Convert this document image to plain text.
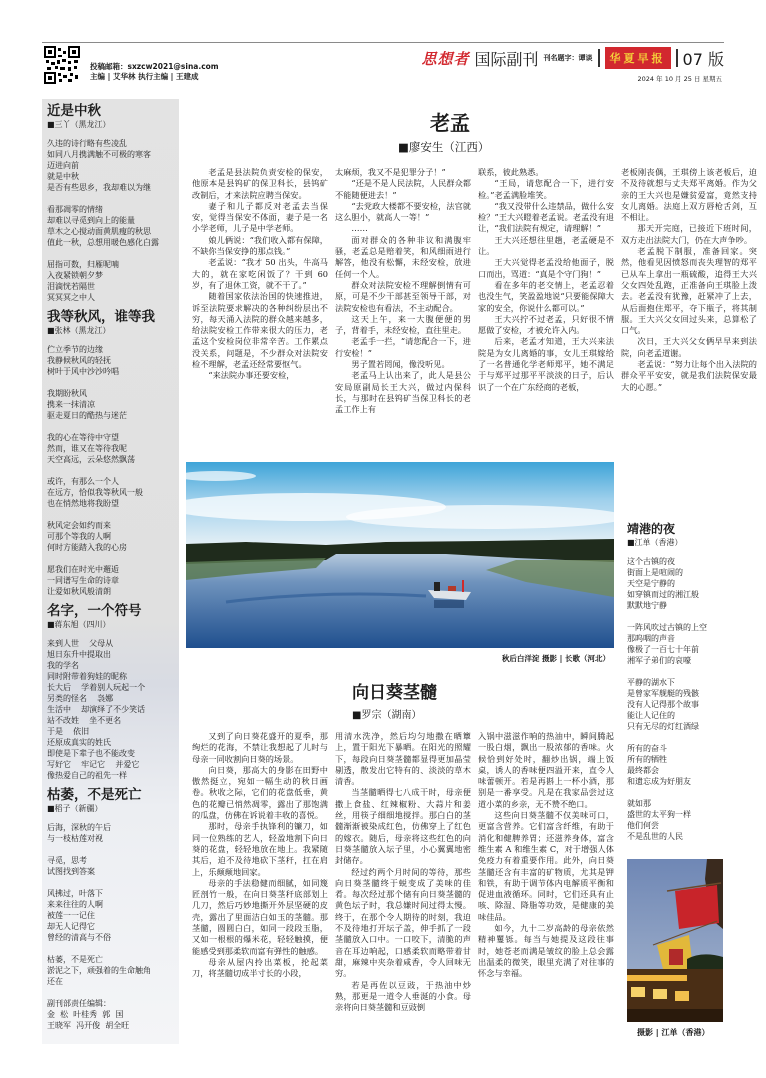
投稿邮箱：sxzcw2021@sina.com
主编 | 艾华林 执行主编 | 王建成
思想者 国际副刊 刊名题字：谭谈	华夏早报	07 版
2024 年 10 月 25 日 星期五
近是中秋
■三丫（黑龙江）
久违的诗行略有些凌乱
如同八月携满触不可极的寒客
迈进向前
就是中秋
是否有些思乡，我却难以为继
看那凋零的情绪
却难以寻觅到向上的能量
草木之心搅动面黄肌瘦的秋思
值此一秋，总想用暖色感化白露
屈指可数，归雁呢喃
入夜紧锁朝夕梦
泪滴恍若隔世
冥冥冥之中人
我等秋风，谁等我
■张林（黑龙江）
伫立季节的边缘
我静候秋风的轻抚
树叶于风中沙沙吟唱
我期盼秋风
携来一抹清凉
驱走夏日的酷热与迷茫
我的心在等待中守望
然而，谁又在等待我呢
天空高远，云朵悠然飘荡
或许，有那么一个人
在远方，恰似我等秋风一般
也在悄然地将我盼望
秋风定会如约而来
可那个等我的人啊
何时方能踏入我的心房
愿我们在时光中邂逅
一同谱写生命的诗章
让爱如秋风般清朗
名字，一个符号
■蒋东旭（四川）
来到人世    父母从
旭日东升中提取出
我的学名
同时附带着狗娃的昵称
长大后    学着别人玩起一个
另类的怪名    袅娜
生活中    却演绎了不少笑话
站不改姓    坐不更名
于是    依旧
还原成真实的姓氏
即使是下辈子也不能改变
写好它    牢记它    并爱它
像热爱自己的祖先一样
枯萎，不是死亡
■稻子（新疆）
后海，深秋的午后
与一枝枯莲对视
寻觅，思考
试图找到答案
风拂过，叶落下
来来往往的人啊
被莲一一记住
却无人记得它
曾经的清高与不俗
枯萎，不是死亡
淤泥之下，顽强着的生命触角
还在
副刊部责任编辑：
金  松  叶桂秀  郭  国
王晓军  冯开俊  胡全旺
老孟
■廖安生（江西）

老孟是县法院负责安检的保安，他原本是县钨矿的保卫科长，县钨矿改制后，才来法院应聘当保安。

妻子和儿子都反对老孟去当保安，觉得当保安不体面，妻子是一名小学老师，儿子是中学老师。

娘儿俩说：“我们收入都有保障，不缺你当保安挣的那点钱。”

老孟说：“我才 50 出头，牛高马大的，就在家吃闲饭了？干到 60 岁，有了退休工资，就不干了。”

随着国家依法治国的快速推进，诉至法院要求解决的各种纠纷层出不穷，每天涌入法院的群众越来越多，给法院安检工作带来很大的压力，老孟这个安检岗位非常辛苦。工作累点没关系，问题是，不少群众对法院安检不理解，老孟还经常要怄气。

“来法院办事还要安检，

太麻烦，我又不是犯罪分子！”

“还是不是人民法院，人民群众都不能随便进去！”

“去党政大楼都不要安检，法官就这么胆小，就高人一等！”

……

面对群众的各种非议和满腹牢骚，老孟总是赔着笑，和风细雨进行解答，他没有松懈，未经安检，放进任何一个人。

群众对法院安检不理解倒情有可原，可是不少干部甚至领导干部，对法院安检也有看法，不主动配合。

这天上午，来一大腹便便的男子，背着手，未经安检，直往里走。

老孟手一拦，“请您配合一下，进行安检！”

男子置若罔闻，像没听见。

老孟马上认出来了，此人是县公安局原副局长王大兴，做过内保科长，与那时在县钨矿当保卫科长的老孟工作上有

联系，彼此熟悉。

“王局，请您配合一下，进行安检。”老孟满脸堆笑。

“我又没带什么违禁品，做什么安检？”王大兴瞪着老孟说。老孟没有退让，“我们法院有规定，请理解！”

王大兴还想往里趟，老孟硬是不让。

王大兴觉得老孟没给他面子，脱口而出，骂道：“真是个守门狗！”

看在多年的老交情上，老孟忍着也没生气，笑盈盈地说“只要能保障大家的安全，你说什么都可以。”

王大兴拧不过老孟，只好很不情愿做了安检，才被允许入内。

后来，老孟才知道，王大兴来法院是为女儿离婚的事，女儿王琪嫁给了一名普通化学老师郑平，她不满足于与郑平过那平平淡淡的日子，后认识了一个在广东经商的老板，

老板刚丧偶，王琪傍上该老板后，迫不及待就想与丈夫郑平离婚。作为父亲的王大兴也是嫌贫爱富，竟然支持女儿离婚。法庭上双方唇枪舌剑，互不相让。

那天开完庭，已接近下班时间，双方走出法院大门，仍在大声争吵。

老孟脱下制服，准备回家。突然，他看见因愤怒而丧失理智的郑平已从车上拿出一瓶硫酸，追得王大兴父女四处乱跑，正准备向王琪脸上泼去。老孟没有犹豫，赶紧冲了上去，从后面抱住郑平，夺下瓶子，将其制服。王大兴父女回过头来，总算松了口气。

次日，王大兴父女俩早早来到法院，向老孟道谢。

老孟说：“努力让每个出入法院的群众平平安安，就是我们法院保安最大的心愿。”

秋后白洋淀 摄影 | 长歌（河北）
向日葵茎髓
■罗宗（湖南）

又到了向日葵花盛开的夏季，那绚烂的花海，不禁让我想起了儿时与母亲一同收割向日葵的场景。

向日葵，那高大的身影在田野中傲然挺立，宛如一幅生动的秋日画卷。秋收之际，它们的花盘低垂，黄色的花瓣已悄然凋零，露出了那饱满的瓜盘，仿佛在诉说着丰收的喜悦。

那时，母亲手执锋利的镰刀，如同一位熟练的艺人，轻盈地割下向日葵的花盘，轻轻地放在地上。我紧随其后，迫不及待地砍下茎秆，扛在肩上，乐颠颠地回家。

母亲的手法稳健而细腻，如同篾匠剖竹一般，在向日葵茎秆底部划上几刀，然后巧妙地撕开外层坚硬的皮壳，露出了里面洁白如玉的茎髓。那茎髓，圆圆白白，如同一段段玉脂，又如一根根的爆米花，轻轻触摸，便能感受到那柔软而富有弹性的触感。

母亲从屋内拎出菜板，抡起菜刀，将茎髓切成半寸长的小段，

用清水洗净，然后均匀地撒在晒簟上，置于阳光下暴晒。在阳光的照耀下，每段向日葵茎髓都显得更加晶莹剔透，散发出它特有的、淡淡的草木清香。

当茎髓晒得七八成干时，母亲便撒上食盐、红辣椒粉、大蒜片和姜丝，用筷子细细地搅拌。那白白的茎髓渐渐被染成红色，仿佛穿上了红色的嫁衣。随后，母亲将这些红色的向日葵茎髓放入坛子里，小心翼翼地密封储存。

经过约两个月时间的等待，那些向日葵茎髓终于蜕变成了美味的佳肴。每次经过那个储有向日葵茎髓的黄色坛子时，我总嫌时间过得太慢。终于，在那个令人期待的时刻，我迫不及待地打开坛子盖，伸手抓了一段茎髓放入口中。一口咬下，清脆的声音在耳边响起，口感柔软而略带着甘甜，麻辣中夹杂着咸香，令人回味无穷。

若是再佐以豆豉，于热油中炒熟，那更是一道令人垂涎的小食。母亲将向日葵茎髓和豆豉倒

入锅中滋滋作响的热油中，瞬间腾起一股白烟，飘出一股浓郁的香味。火候恰到好处时，翻炒出锅，端上饭桌，诱人的香味便四溢开来，直令人味蕾顿开。若是再斟上一杯小酒，那别是一番享受。凡是在我家品尝过这道小菜的乡亲，无不赞不绝口。

这些向日葵茎髓不仅美味可口，更富含营养。它们富含纤维，有助于消化和健脾养胃；还滋养身体，富含维生素 A 和维生素 C，对于增强人体免疫力有着重要作用。此外，向日葵茎髓还含有丰富的矿物质，尤其是钾和铁，有助于调节体内电解质平衡和促进血液循环。同时，它们还具有止咳、除湿、降脂等功效，是健康的美味佳品。

如今，九十二岁高龄的母亲依然精神矍铄。每当与她提及这段往事时，她苍老而满是皱纹的脸上总会露出温柔的微笑，眼里充满了对往事的怀念与幸福。

靖港的夜
■江单（香港）
这个古镇的夜
街面上是喧闹的
天空是宁静的
如穿镇而过的湘江般
默默地宁静
一阵风吹过古镇的上空
那呜咽的声音
像极了一百七十年前
湘军子弟们的哀嚎
平静的湖水下
是曾家军舰艇的残骸
没有人记得那个故事
能让人记住的
只有无尽的灯红酒绿
所有的奋斗
所有的牺牲
最终都会
和遗忘成为好朋友
就如那
盛世的太平狗一样
他们何尝
不是乱世的人民
摄影 | 江单（香港）
